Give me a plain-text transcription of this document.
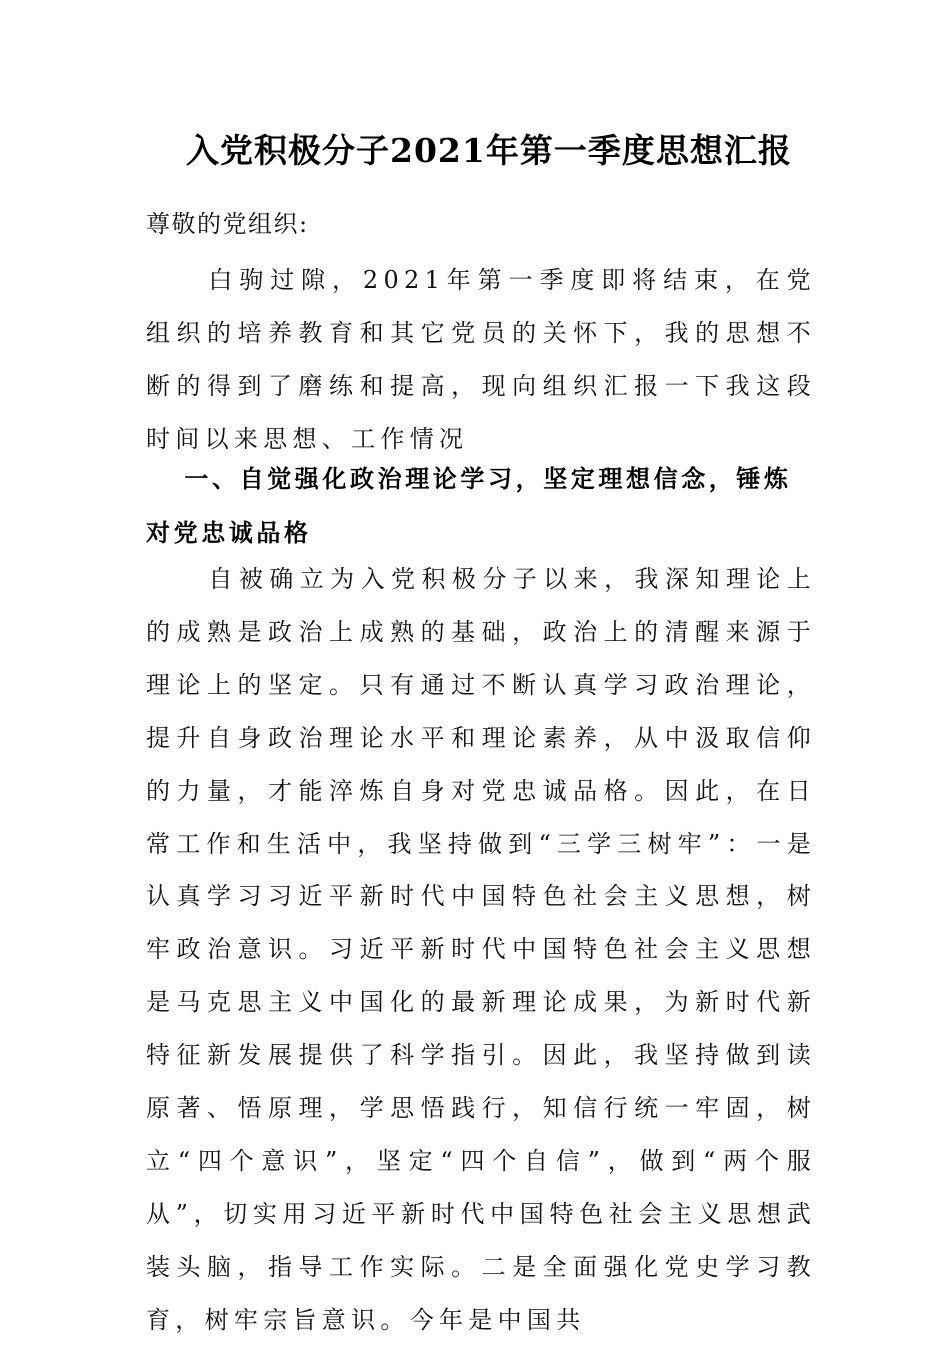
入党积极分子2021年第一季度思想汇报
尊敬的党组织:

白驹过隙，2021年第一季度即将结束，在党组织的培养教育和其它党员的关怀下，我的思想不断的得到了磨练和提高，现向组织汇报一下我这段时间以来思想、工作情况

一、自觉强化政治理论学习，坚定理想信念，锤炼对党忠诚品格

自被确立为入党积极分子以来，我深知理论上的成熟是政治上成熟的基础，政治上的清醒来源于理论上的坚定。只有通过不断认真学习政治理论，提升自身政治理论水平和理论素养，从中汲取信仰的力量，才能淬炼自身对党忠诚品格。因此，在日常工作和生活中，我坚持做到“三学三树牢”：一是认真学习习近平新时代中国特色社会主义思想，树牢政治意识。习近平新时代中国特色社会主义思想是马克思主义中国化的最新理论成果，为新时代新特征新发展提供了科学指引。因此，我坚持做到读原著、悟原理，学思悟践行，知信行统一牢固，树立“四个意识”，坚定“四个自信”，做到“两个服从”，切实用习近平新时代中国特色社会主义思想武装头脑，指导工作实际。二是全面强化党史学习教育，树牢宗旨意识。今年是中国共
